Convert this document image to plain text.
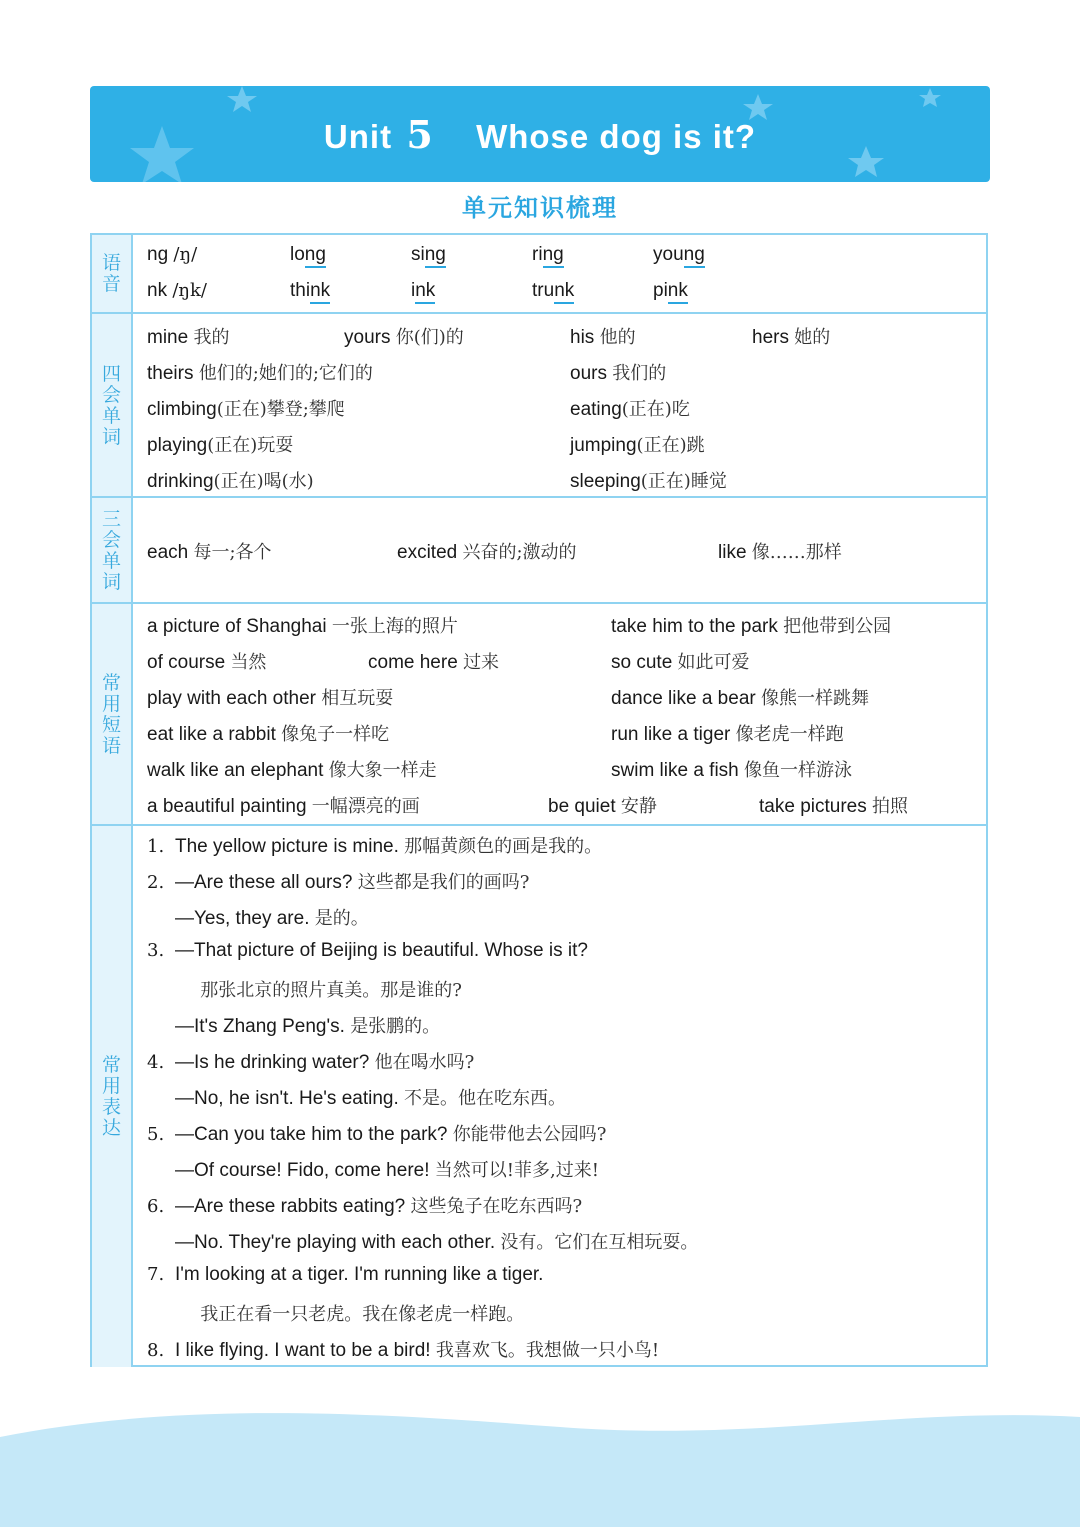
Unit 5 Whose dog is it?
单元知识梳理
语音
ng /ŋ/	long	sing	ring	young
nk /ŋk/	think	ink	trunk	pink
四会单词
mine 我的	yours 你(们)的	his 他的	hers 她的
theirs 他们的;她们的;它们的	ours 我们的
climbing(正在)攀登;攀爬	eating(正在)吃
playing(正在)玩耍	jumping(正在)跳
drinking(正在)喝(水)	sleeping(正在)睡觉
三会单词
each 每一;各个	excited 兴奋的;激动的	like 像……那样
常用短语
a picture of Shanghai 一张上海的照片	take him to the park 把他带到公园
of course 当然	come here 过来	so cute 如此可爱
play with each other 相互玩耍	dance like a bear 像熊一样跳舞
eat like a rabbit 像兔子一样吃	run like a tiger 像老虎一样跑
walk like an elephant 像大象一样走	swim like a fish 像鱼一样游泳
a beautiful painting 一幅漂亮的画	be quiet 安静	take pictures 拍照
常用表达
1. The yellow picture is mine. 那幅黄颜色的画是我的。
2. —Are these all ours? 这些都是我们的画吗?
—Yes, they are. 是的。
3. —That picture of Beijing is beautiful. Whose is it?
那张北京的照片真美。那是谁的?
—It's Zhang Peng's. 是张鹏的。
4. —Is he drinking water? 他在喝水吗?
—No, he isn't. He's eating. 不是。他在吃东西。
5. —Can you take him to the park? 你能带他去公园吗?
—Of course! Fido, come here! 当然可以!菲多,过来!
6. —Are these rabbits eating? 这些兔子在吃东西吗?
—No. They're playing with each other. 没有。它们在互相玩耍。
7. I'm looking at a tiger. I'm running like a tiger.
我正在看一只老虎。我在像老虎一样跑。
8. I like flying. I want to be a bird! 我喜欢飞。我想做一只小鸟!
